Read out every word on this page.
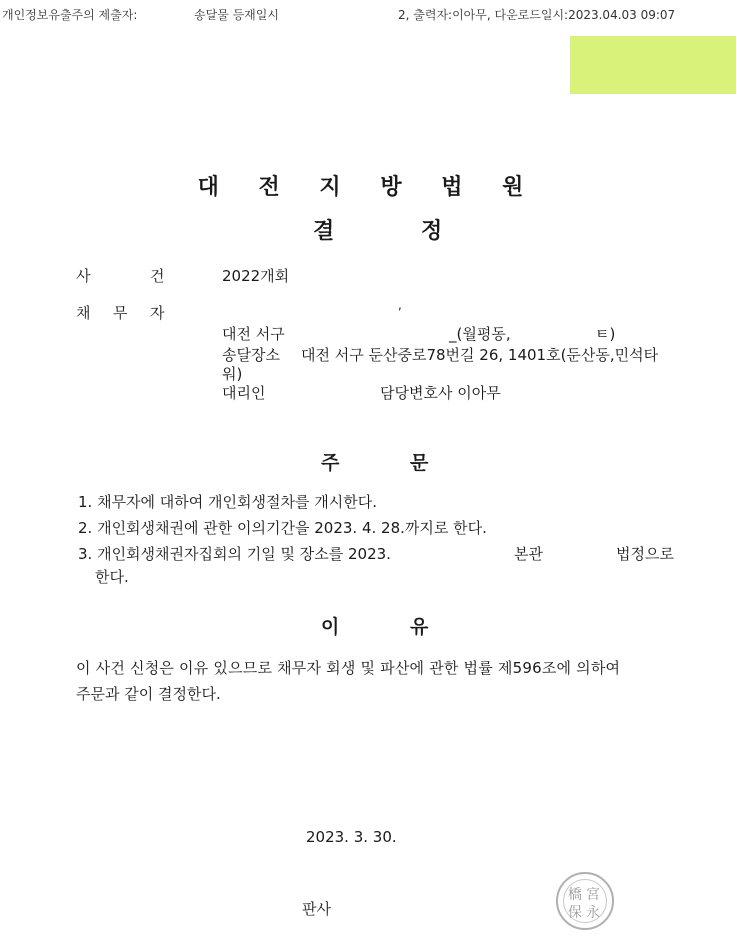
개인정보유출주의 제출자:	송달물 등재일시	2, 출력자:이아무, 다운로드일시:2023.04.03 09:07
대 전 지 방 법 원
결	정
사	건	2022개회
채 무 자	,
대전 서구	_(월평동,	ㅌ)
송달장소 대전 서구 둔산중로78번길 26, 1401호(둔산동,민석타
워)
대리인	담당변호사 이아무
주	문
1. 채무자에 대하여 개인회생절차를 개시한다.
2. 개인회생채권에 관한 이의기간을 2023. 4. 28.까지로 한다.
3. 개인회생채권자집회의 기일 및 장소를 2023.	본관	법정으로
한다.
이	유
이 사건 신청은 이유 있으므로 채무자 회생 및 파산에 관한 법률 제596조에 의하여
주문과 같이 결정한다.
2023. 3. 30.
판사
橋 宮
保 永
